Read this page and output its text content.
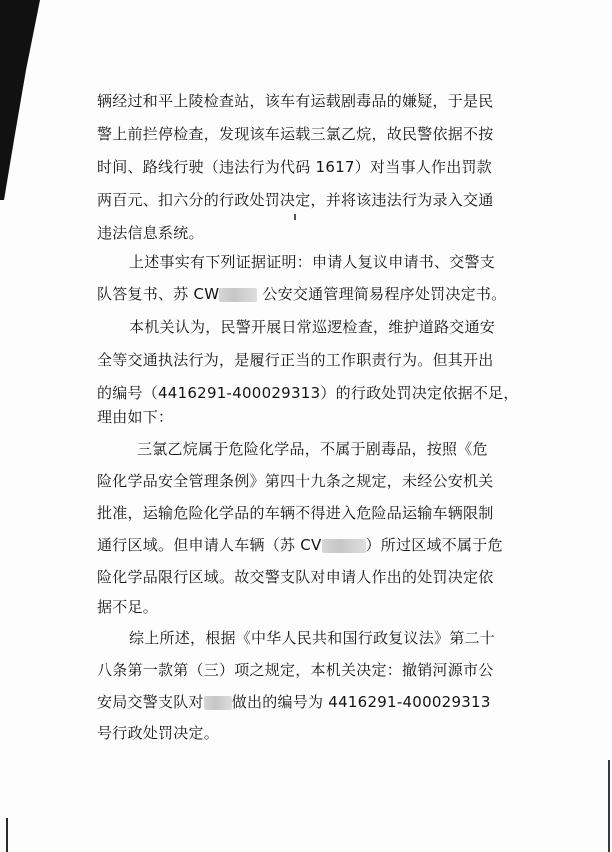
辆经过和平上陵检查站，该车有运载剧毒品的嫌疑，于是民
警上前拦停检查，发现该车运载三氯乙烷，故民警依据不按
时间、路线行驶（违法行为代码 1617）对当事人作出罚款
两百元、扣六分的行政处罚决定，并将该违法行为录入交通
违法信息系统。
上述事实有下列证据证明：申请人复议申请书、交警支
队答复书、苏 CW	公安交通管理简易程序处罚决定书。
本机关认为，民警开展日常巡逻检查，维护道路交通安
全等交通执法行为，是履行正当的工作职责行为。但其开出
的编号（4416291-400029313）的行政处罚决定依据不足，
理由如下：
三氯乙烷属于危险化学品，不属于剧毒品，按照《危
险化学品安全管理条例》第四十九条之规定，未经公安机关
批准，运输危险化学品的车辆不得进入危险品运输车辆限制
通行区域。但申请人车辆（苏 CV	）所过区域不属于危
险化学品限行区域。故交警支队对申请人作出的处罚决定依
据不足。
综上所述，根据《中华人民共和国行政复议法》第二十
八条第一款第（三）项之规定，本机关决定：撤销河源市公
安局交警支队对 做出的编号为 4416291-400029313
号行政处罚决定。
